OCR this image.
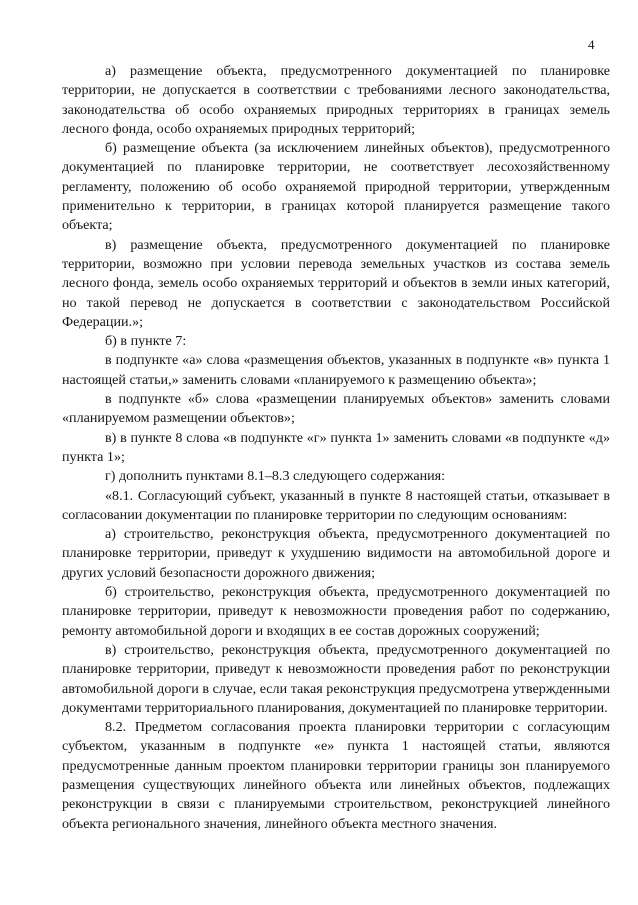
4

а) размещение объекта, предусмотренного документацией по планировке территории, не допускается в соответствии с требованиями лесного законодательства, законодательства об особо охраняемых природных территориях в границах земель лесного фонда, особо охраняемых природных территорий;

б) размещение объекта (за исключением линейных объектов), предусмотренного документацией по планировке территории, не соответствует лесохозяйственному регламенту, положению об особо охраняемой природной территории, утвержденным применительно к территории, в границах которой планируется размещение такого объекта;

в) размещение объекта, предусмотренного документацией по планировке территории, возможно при условии перевода земельных участков из состава земель лесного фонда, земель особо охраняемых территорий и объектов в земли иных категорий, но такой перевод не допускается в соответствии с законодательством Российской Федерации.»;

б) в пункте 7:

в подпункте «а» слова «размещения объектов, указанных в подпункте «в» пункта 1 настоящей статьи,» заменить словами «планируемого к размещению объекта»;

в подпункте «б» слова «размещении планируемых объектов» заменить словами «планируемом размещении объектов»;

в) в пункте 8 слова «в подпункте «г» пункта 1» заменить словами «в подпункте «д» пункта 1»;

г) дополнить пунктами 8.1–8.3 следующего содержания:

«8.1. Согласующий субъект, указанный в пункте 8 настоящей статьи, отказывает в согласовании документации по планировке территории по следующим основаниям:

а) строительство, реконструкция объекта, предусмотренного документацией по планировке территории, приведут к ухудшению видимости на автомобильной дороге и других условий безопасности дорожного движения;

б) строительство, реконструкция объекта, предусмотренного документацией по планировке территории, приведут к невозможности проведения работ по содержанию, ремонту автомобильной дороги и входящих в ее состав дорожных сооружений;

в) строительство, реконструкция объекта, предусмотренного документацией по планировке территории, приведут к невозможности проведения работ по реконструкции автомобильной дороги в случае, если такая реконструкция предусмотрена утвержденными документами территориального планирования, документацией по планировке территории.

8.2. Предметом согласования проекта планировки территории с согласующим субъектом, указанным в подпункте «е» пункта 1 настоящей статьи, являются предусмотренные данным проектом планировки территории границы зон планируемого размещения существующих линейного объекта или линейных объектов, подлежащих реконструкции в связи с планируемыми строительством, реконструкцией линейного объекта регионального значения, линейного объекта местного значения.
